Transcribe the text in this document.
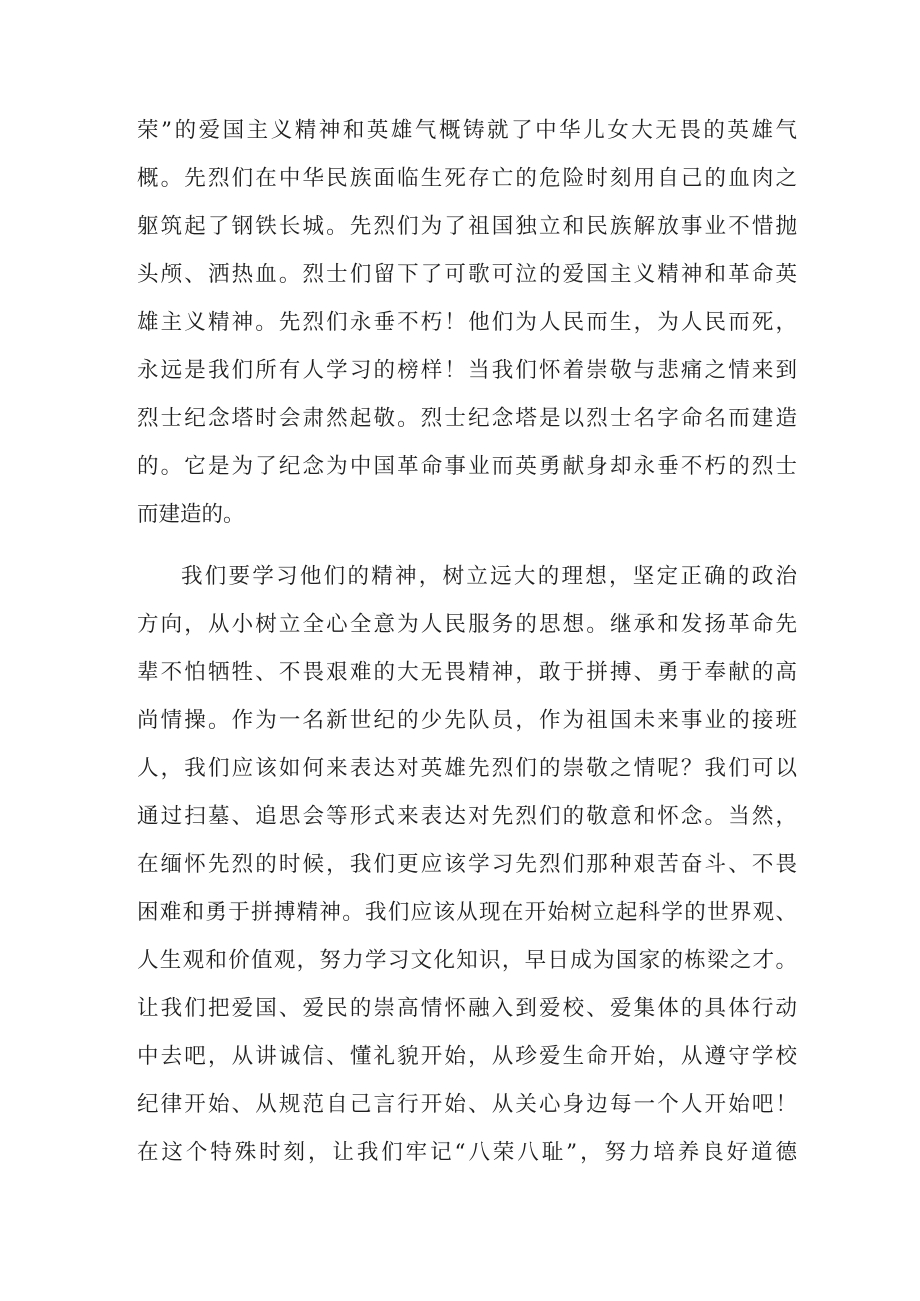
荣”的爱国主义精神和英雄气概铸就了中华儿女大无畏的英雄气
概。先烈们在中华民族面临生死存亡的危险时刻用自己的血肉之
躯筑起了钢铁长城。先烈们为了祖国独立和民族解放事业不惜抛
头颅、洒热血。烈士们留下了可歌可泣的爱国主义精神和革命英
雄主义精神。先烈们永垂不朽！他们为人民而生，为人民而死，
永远是我们所有人学习的榜样！当我们怀着崇敬与悲痛之情来到
烈士纪念塔时会肃然起敬。烈士纪念塔是以烈士名字命名而建造
的。它是为了纪念为中国革命事业而英勇献身却永垂不朽的烈士
而建造的。
我们要学习他们的精神，树立远大的理想，坚定正确的政治
方向，从小树立全心全意为人民服务的思想。继承和发扬革命先
辈不怕牺牲、不畏艰难的大无畏精神，敢于拼搏、勇于奉献的高
尚情操。作为一名新世纪的少先队员，作为祖国未来事业的接班
人，我们应该如何来表达对英雄先烈们的崇敬之情呢？我们可以
通过扫墓、追思会等形式来表达对先烈们的敬意和怀念。当然，
在缅怀先烈的时候，我们更应该学习先烈们那种艰苦奋斗、不畏
困难和勇于拼搏精神。我们应该从现在开始树立起科学的世界观、
人生观和价值观，努力学习文化知识，早日成为国家的栋梁之才。
让我们把爱国、爱民的崇高情怀融入到爱校、爱集体的具体行动
中去吧，从讲诚信、懂礼貌开始，从珍爱生命开始，从遵守学校
纪律开始、从规范自己言行开始、从关心身边每一个人开始吧！
在这个特殊时刻，让我们牢记“八荣八耻”，努力培养良好道德
